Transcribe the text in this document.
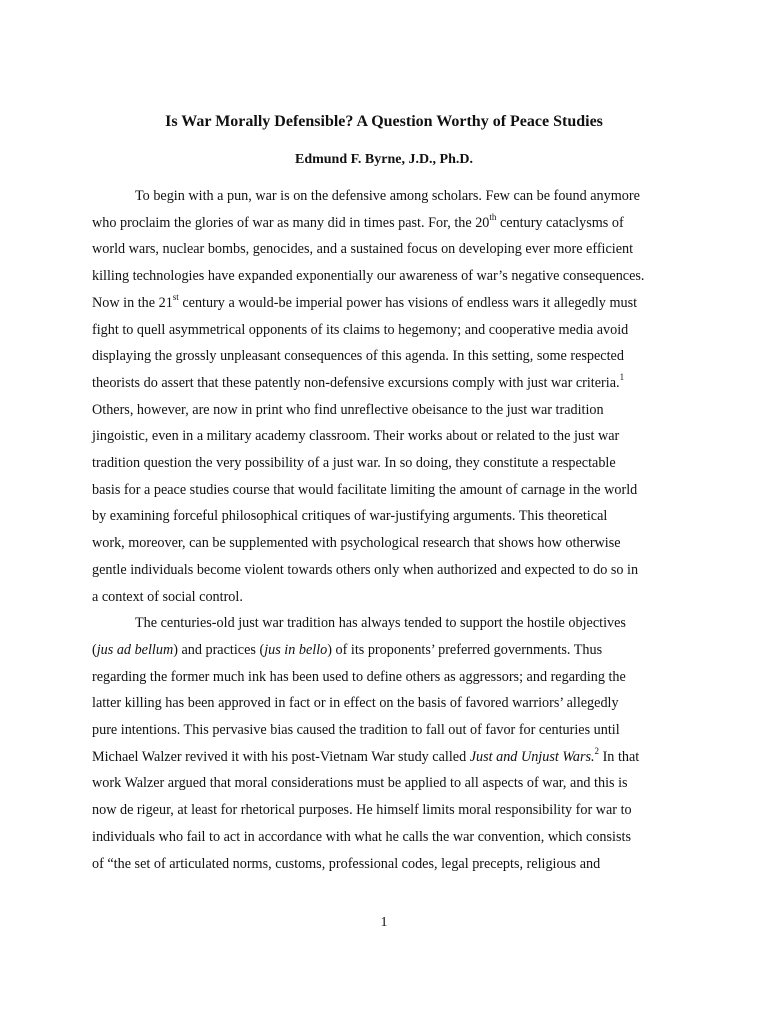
Is War Morally Defensible? A Question Worthy of Peace Studies
Edmund F. Byrne, J.D., Ph.D.
To begin with a pun, war is on the defensive among scholars. Few can be found anymore
who proclaim the glories of war as many did in times past. For, the 20th century cataclysms of
world wars, nuclear bombs, genocides, and a sustained focus on developing ever more efficient
killing technologies have expanded exponentially our awareness of war’s negative consequences.
Now in the 21st century a would-be imperial power has visions of endless wars it allegedly must
fight to quell asymmetrical opponents of its claims to hegemony; and cooperative media avoid
displaying the grossly unpleasant consequences of this agenda. In this setting, some respected
theorists do assert that these patently non-defensive excursions comply with just war criteria.$^1$
Others, however, are now in print who find unreflective obeisance to the just war tradition
jingoistic, even in a military academy classroom. Their works about or related to the just war
tradition question the very possibility of a just war. In so doing, they constitute a respectable
basis for a peace studies course that would facilitate limiting the amount of carnage in the world
by examining forceful philosophical critiques of war-justifying arguments. This theoretical
work, moreover, can be supplemented with psychological research that shows how otherwise
gentle individuals become violent towards others only when authorized and expected to do so in
a context of social control.
The centuries-old just war tradition has always tended to support the hostile objectives
(jus ad bellum) and practices (jus in bello) of its proponents’ preferred governments. Thus
regarding the former much ink has been used to define others as aggressors; and regarding the
latter killing has been approved in fact or in effect on the basis of favored warriors’ allegedly
pure intentions. This pervasive bias caused the tradition to fall out of favor for centuries until
Michael Walzer revived it with his post-Vietnam War study called Just and Unjust Wars.$^2$ In that
work Walzer argued that moral considerations must be applied to all aspects of war, and this is
now de rigeur, at least for rhetorical purposes. He himself limits moral responsibility for war to
individuals who fail to act in accordance with what he calls the war convention, which consists
of “the set of articulated norms, customs, professional codes, legal precepts, religious and
1
